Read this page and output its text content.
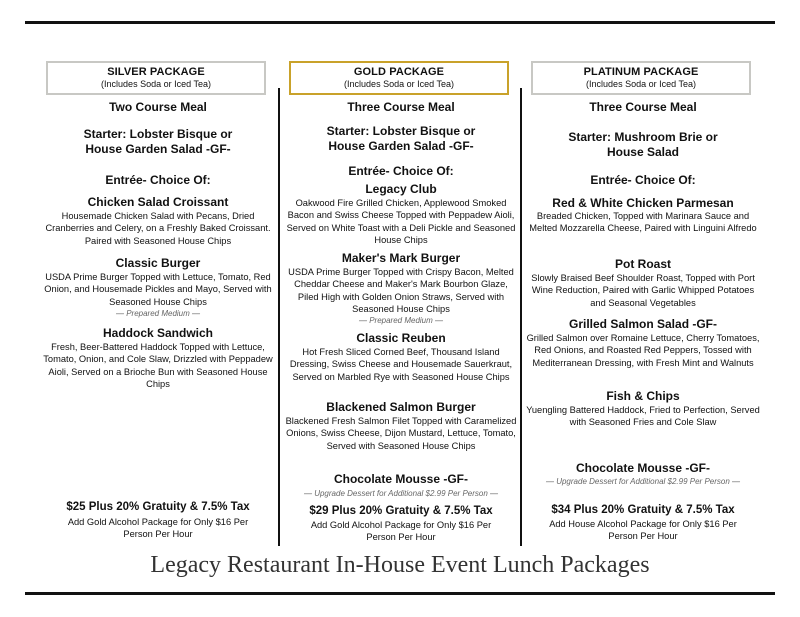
SILVER PACKAGE
(Includes Soda or Iced Tea)
Two Course Meal
Starter: Lobster Bisque or House Garden Salad -GF-
Entrée- Choice Of:
Chicken Salad Croissant
Housemade Chicken Salad with Pecans, Dried Cranberries and Celery, on a Freshly Baked Croissant. Paired with Seasoned House Chips
Classic Burger
USDA Prime Burger Topped with Lettuce, Tomato, Red Onion, and Housemade Pickles and Mayo, Served with Seasoned House Chips
— Prepared Medium —
Haddock Sandwich
Fresh, Beer-Battered Haddock Topped with Lettuce, Tomato, Onion, and Cole Slaw, Drizzled with Peppadew Aioli, Served on a Brioche Bun with Seasoned House Chips
$25 Plus 20% Gratuity & 7.5% Tax
Add Gold Alcohol Package for Only $16 Per Person Per Hour
GOLD PACKAGE
(Includes Soda or Iced Tea)
Three Course Meal
Starter: Lobster Bisque or House Garden Salad -GF-
Entrée- Choice Of:
Legacy Club
Oakwood Fire Grilled Chicken, Applewood Smoked Bacon and Swiss Cheese Topped with Peppadew Aioli, Served on White Toast with a Deli Pickle and Seasoned House Chips
Maker's Mark Burger
USDA Prime Burger Topped with Crispy Bacon, Melted Cheddar Cheese and Maker's Mark Bourbon Glaze, Piled High with Golden Onion Straws, Served with Seasoned House Chips
— Prepared Medium —
Classic Reuben
Hot Fresh Sliced Corned Beef, Thousand Island Dressing, Swiss Cheese and Housemade Sauerkraut, Served on Marbled Rye with Seasoned House Chips
Blackened Salmon Burger
Blackened Fresh Salmon Filet Topped with Caramelized Onions, Swiss Cheese, Dijon Mustard, Lettuce, Tomato, Served with Seasoned House Chips
Chocolate Mousse -GF-
— Upgrade Dessert for Additional $2.99 Per Person —
$29 Plus 20% Gratuity & 7.5% Tax
Add Gold Alcohol Package for Only $16 Per Person Per Hour
PLATINUM PACKAGE
(Includes Soda or Iced Tea)
Three Course Meal
Starter: Mushroom Brie or House Salad
Entrée- Choice Of:
Red & White Chicken Parmesan
Breaded Chicken, Topped with Marinara Sauce and Melted Mozzarella Cheese, Paired with Linguini Alfredo
Pot Roast
Slowly Braised Beef Shoulder Roast, Topped with Port Wine Reduction, Paired with Garlic Whipped Potatoes and Seasonal Vegetables
Grilled Salmon Salad -GF-
Grilled Salmon over Romaine Lettuce, Cherry Tomatoes, Red Onions, and Roasted Red Peppers, Tossed with Mediterranean Dressing, with Fresh Mint and Walnuts
Fish & Chips
Yuengling Battered Haddock, Fried to Perfection, Served with Seasoned Fries and Cole Slaw
Chocolate Mousse -GF-
— Upgrade Dessert for Additional $2.99 Per Person —
$34 Plus 20% Gratuity & 7.5% Tax
Add House Alcohol Package for Only $16 Per Person Per Hour
Legacy Restaurant In-House Event Lunch Packages
